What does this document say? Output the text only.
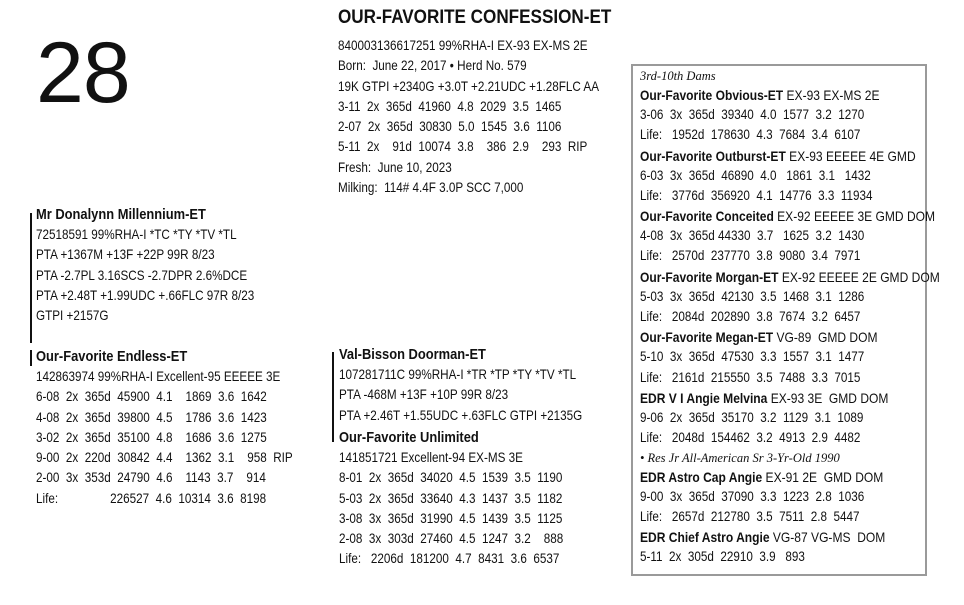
28
OUR-FAVORITE CONFESSION-ET
840003136617251 99%RHA-I EX-93 EX-MS 2E
Born:  June 22, 2017 • Herd No. 579
19K GTPI +2340G +3.0T +2.21UDC +1.28FLC AA
3-11  2x  365d  41960  4.8  2029  3.5  1465
2-07  2x  365d  30830  5.0  1545  3.6  1106
5-11  2x    91d  10074  3.8    386  2.9    293  RIP
Fresh:  June 10, 2023
Milking:  114# 4.4F 3.0P SCC 7,000
Mr Donalynn Millennium-ET
72518591 99%RHA-I *TC *TY *TV *TL
PTA +1367M +13F +22P 99R 8/23
PTA -2.7PL 3.16SCS -2.7DPR 2.6%DCE
PTA +2.48T +1.99UDC +.66FLC 97R 8/23
GTPI +2157G
Our-Favorite Endless-ET
142863974 99%RHA-I Excellent-95 EEEEE 3E
6-08  2x  365d  45900  4.1    1869  3.6  1642
4-08  2x  365d  39800  4.5    1786  3.6  1423
3-02  2x  365d  35100  4.8    1686  3.6  1275
9-00  2x  220d  30842  4.4    1362  3.1    958  RIP
2-00  3x  353d  24790  4.6    1143  3.7    914
Life:                226527  4.6  10314  3.6  8198
Val-Bisson Doorman-ET
107281711C 99%RHA-I *TR *TP *TY *TV *TL
PTA -468M +13F +10P 99R 8/23
PTA +2.46T +1.55UDC +.63FLC GTPI +2135G
Our-Favorite Unlimited
141851721 Excellent-94 EX-MS 3E
8-01  2x  365d  34020  4.5  1539  3.5  1190
5-03  2x  365d  33640  4.3  1437  3.5  1182
3-08  3x  365d  31990  4.5  1439  3.5  1125
2-08  3x  303d  27460  4.5  1247  3.2    888
Life:   2206d  181200  4.7  8431  3.6  6537
3rd-10th Dams
Our-Favorite Obvious-ET EX-93 EX-MS 2E
3-06  3x  365d  39340  4.0  1577  3.2  1270
Life:   1952d  178630  4.3  7684  3.4  6107
Our-Favorite Outburst-ET EX-93 EEEEE 4E GMD
6-03  3x  365d  46890  4.0   1861  3.1   1432
Life:   3776d  356920  4.1  14776  3.3  11934
Our-Favorite Conceited EX-92 EEEEE 3E GMD DOM
4-08  3x  365d 44330  3.7   1625  3.2  1430
Life:   2570d  237770  3.8  9080  3.4  7971
Our-Favorite Morgan-ET EX-92 EEEEE 2E GMD DOM
5-03  3x  365d  42130  3.5  1468  3.1  1286
Life:   2084d  202890  3.8  7674  3.2  6457
Our-Favorite Megan-ET VG-89  GMD DOM
5-10  3x  365d  47530  3.3  1557  3.1  1477
Life:   2161d  215550  3.5  7488  3.3  7015
EDR V I Angie Melvina EX-93 3E  GMD DOM
9-06  2x  365d  35170  3.2  1129  3.1  1089
Life:   2048d  154462  3.2  4913  2.9  4482
• Res Jr All-American Sr 3-Yr-Old 1990
EDR Astro Cap Angie EX-91 2E  GMD DOM
9-00  3x  365d  37090  3.3  1223  2.8  1036
Life:   2657d  212780  3.5  7511  2.8  5447
EDR Chief Astro Angie VG-87 VG-MS  DOM
5-11  2x  305d  22910  3.9   893
